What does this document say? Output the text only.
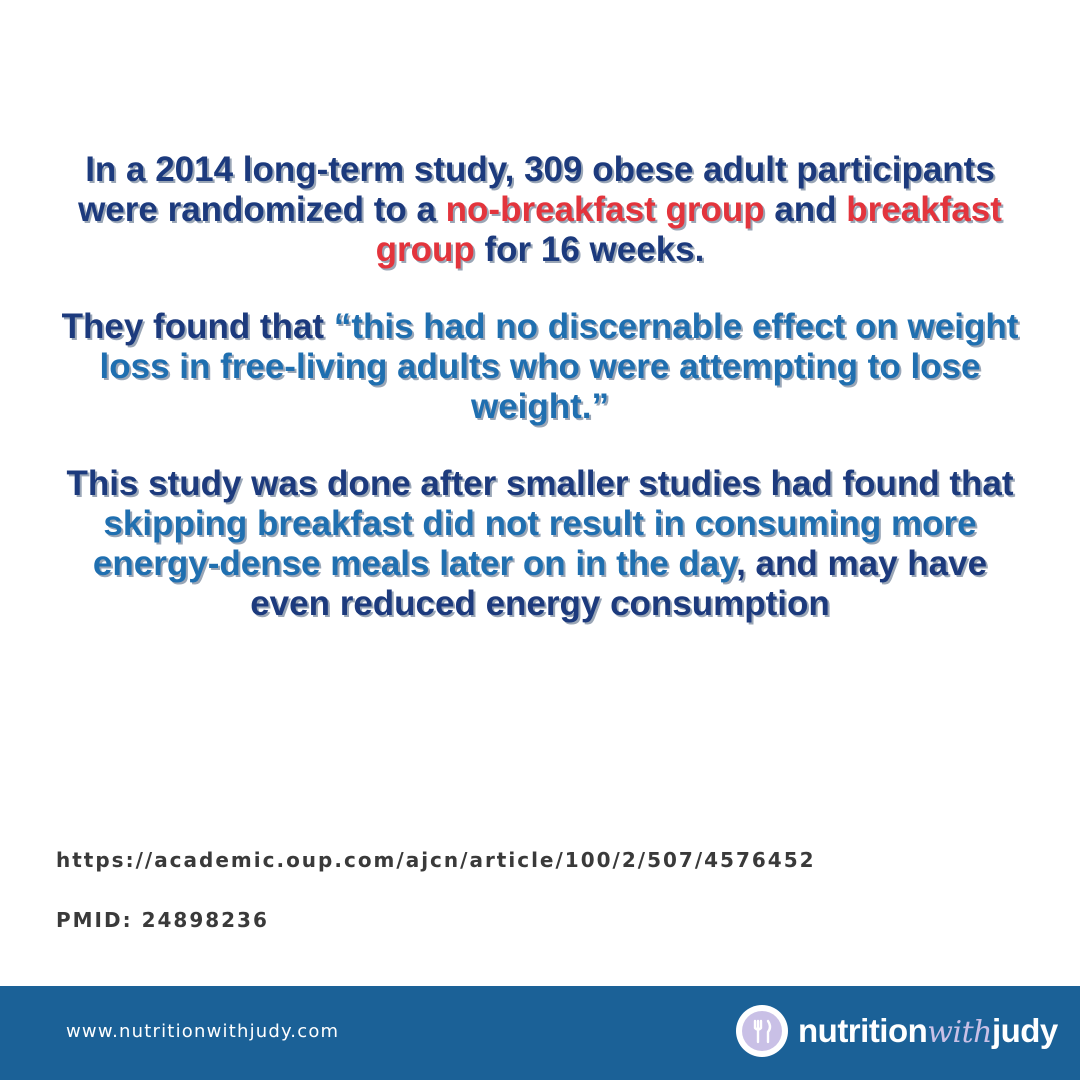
In a 2014 long-term study, 309 obese adult participants were randomized to a no-breakfast group and breakfast group for 16 weeks.

They found that “this had no discernable effect on weight loss in free-living adults who were attempting to lose weight.”

This study was done after smaller studies had found that skipping breakfast did not result in consuming more energy-dense meals later on in the day, and may have even reduced energy consumption

https://academic.oup.com/ajcn/article/100/2/507/4576452

PMID: 24898236

www.nutritionwithjudy.com	nutritionwithjudy
